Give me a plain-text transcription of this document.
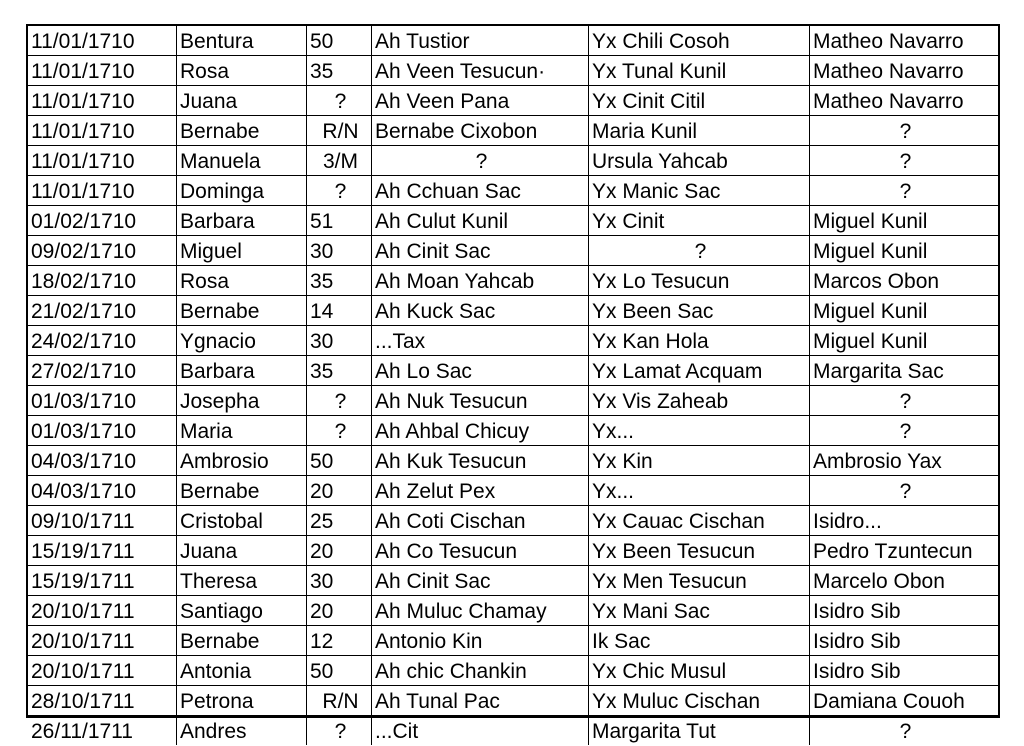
11/01/1710	Bentura	50	Ah Tustior	Yx Chili Cosoh	Matheo Navarro
11/01/1710	Rosa	35	Ah Veen Tesucun·	Yx Tunal Kunil	Matheo Navarro
11/01/1710	Juana	?	Ah Veen Pana	Yx Cinit Citil	Matheo Navarro
11/01/1710	Bernabe	R/N	Bernabe Cixobon	Maria Kunil	?
11/01/1710	Manuela	3/M	?	Ursula Yahcab	?
11/01/1710	Dominga	?	Ah Cchuan Sac	Yx Manic Sac	?
01/02/1710	Barbara	51	Ah Culut Kunil	Yx Cinit	Miguel Kunil
09/02/1710	Miguel	30	Ah Cinit Sac	?	Miguel Kunil
18/02/1710	Rosa	35	Ah Moan Yahcab	Yx Lo Tesucun	Marcos Obon
21/02/1710	Bernabe	14	Ah Kuck Sac	Yx Been Sac	Miguel Kunil
24/02/1710	Ygnacio	30	...Tax	Yx Kan Hola	Miguel Kunil
27/02/1710	Barbara	35	Ah Lo Sac	Yx Lamat Acquam	Margarita Sac
01/03/1710	Josepha	?	Ah Nuk Tesucun	Yx Vis Zaheab	?
01/03/1710	Maria	?	Ah Ahbal Chicuy	Yx...	?
04/03/1710	Ambrosio	50	Ah Kuk Tesucun	Yx Kin	Ambrosio Yax
04/03/1710	Bernabe	20	Ah Zelut Pex	Yx...	?
09/10/1711	Cristobal	25	Ah Coti Cischan	Yx Cauac Cischan	Isidro...
15/19/1711	Juana	20	Ah Co Tesucun	Yx Been Tesucun	Pedro Tzuntecun
15/19/1711	Theresa	30	Ah Cinit Sac	Yx Men Tesucun	Marcelo Obon
20/10/1711	Santiago	20	Ah Muluc Chamay	Yx Mani Sac	Isidro Sib
20/10/1711	Bernabe	12	Antonio Kin	Ik Sac	Isidro Sib
20/10/1711	Antonia	50	Ah chic Chankin	Yx Chic Musul	Isidro Sib
28/10/1711	Petrona	R/N	Ah Tunal Pac	Yx Muluc Cischan	Damiana Couoh
26/11/1711	Andres	?	...Cit	Margarita Tut	?
